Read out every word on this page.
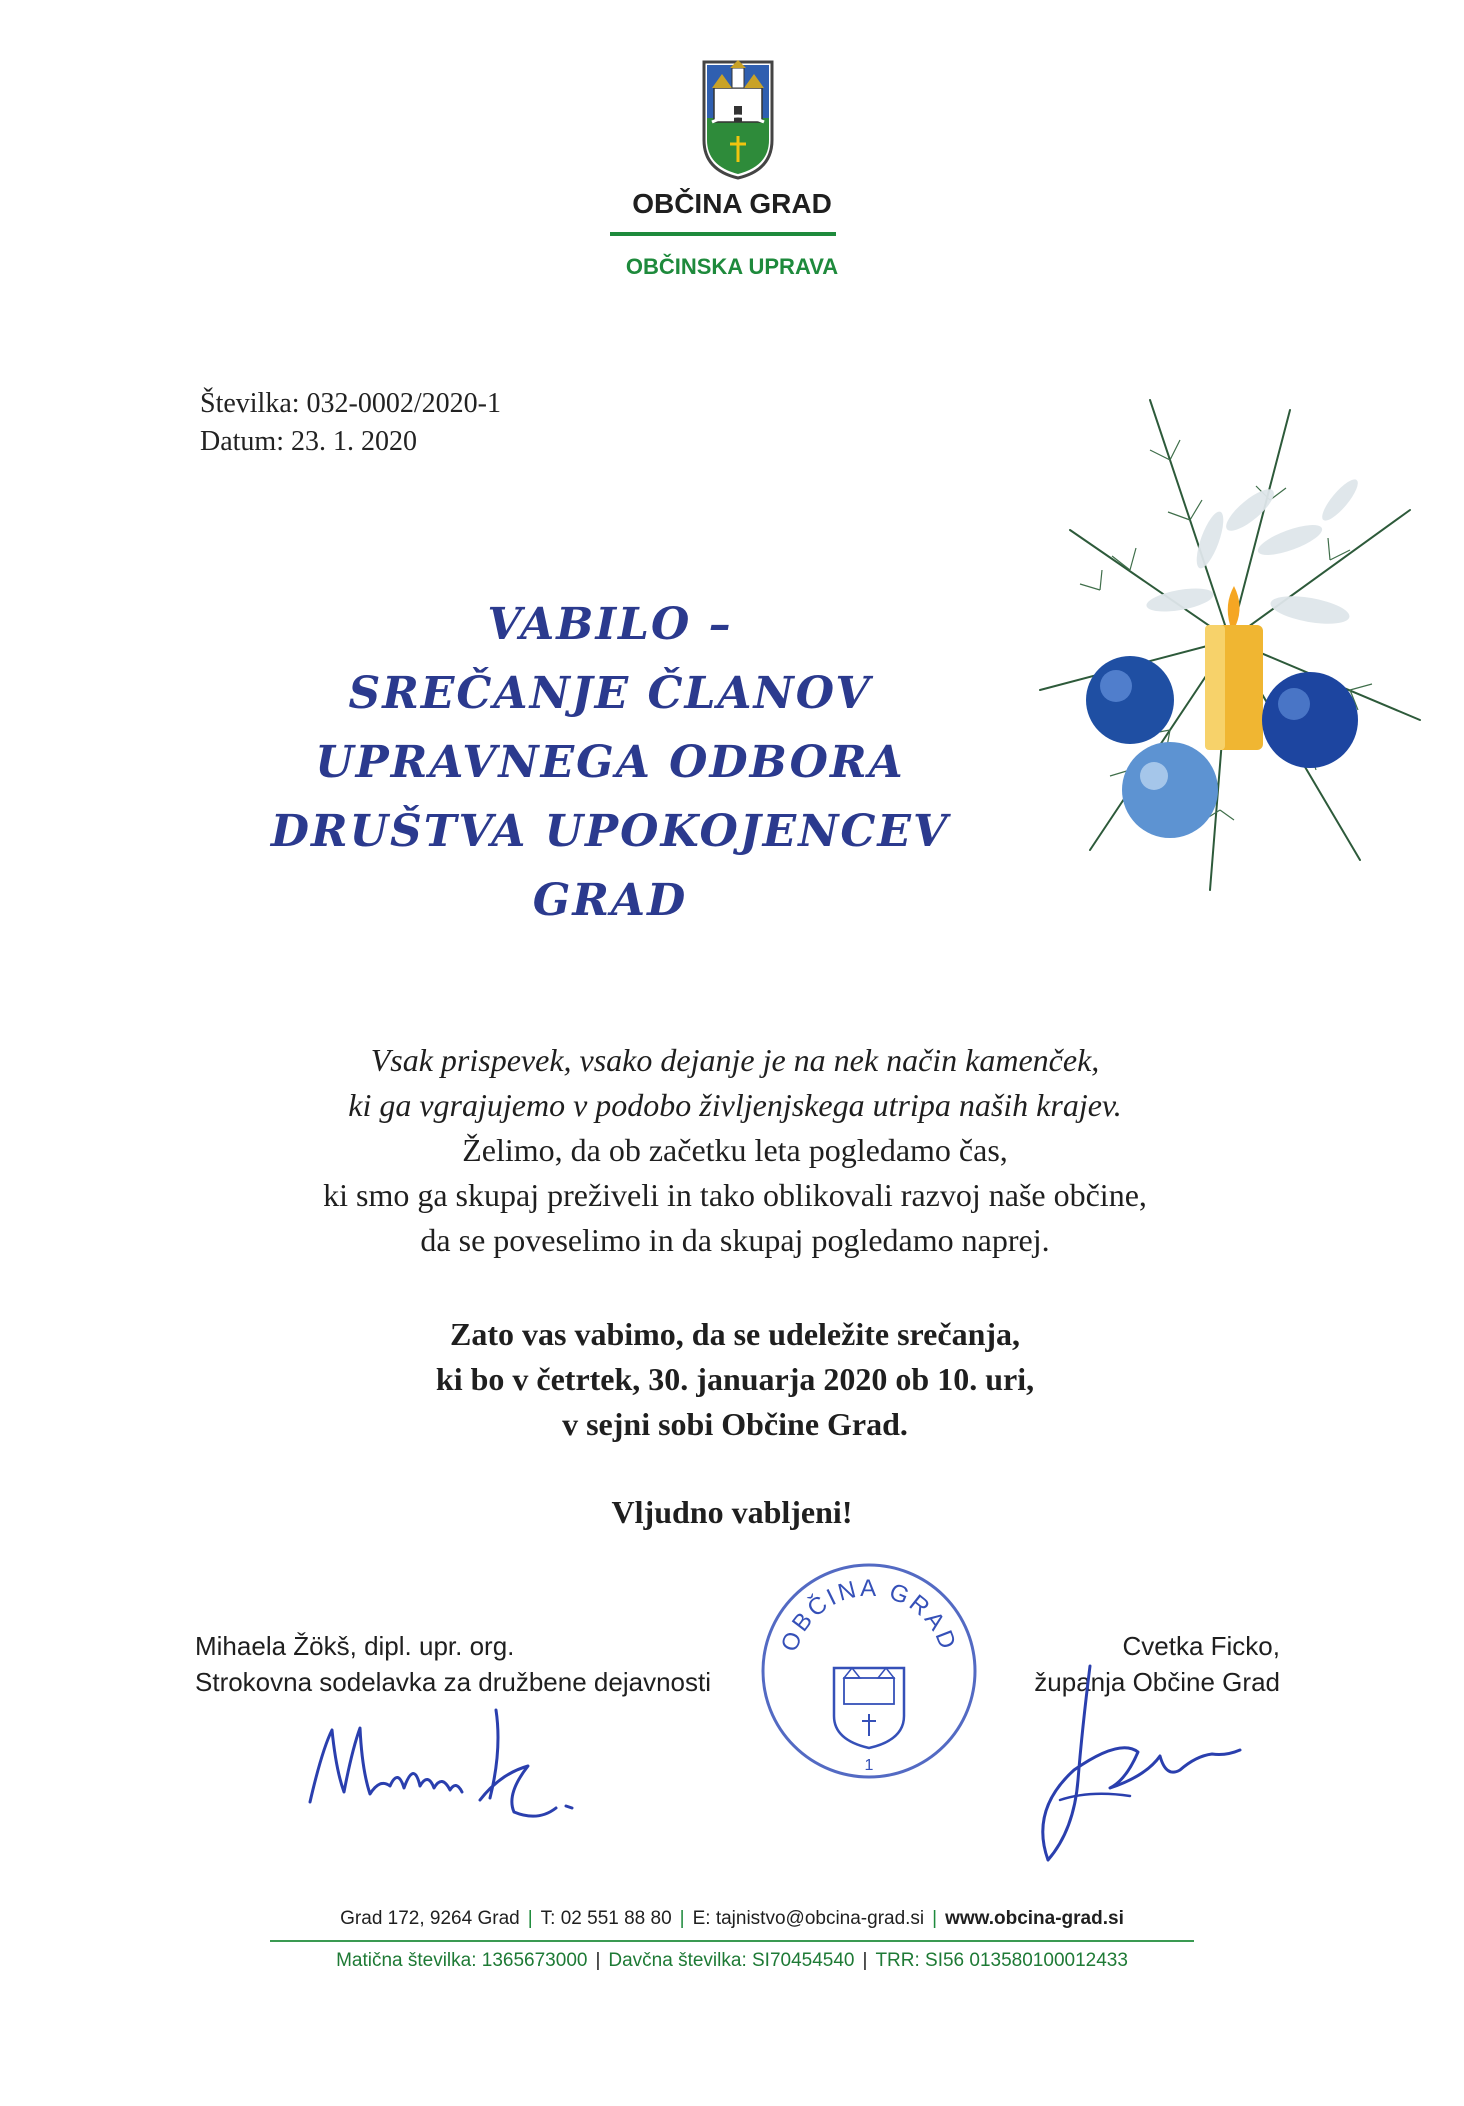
OBČINA GRAD
OBČINSKA UPRAVA
Številka: 032-0002/2020-1
Datum: 23. 1. 2020
VABILO –
SREČANJE ČLANOV
UPRAVNEGA ODBORA
DRUŠTVA UPOKOJENCEV
GRAD
Vsak prispevek, vsako dejanje je na nek način kamenček,
ki ga vgrajujemo v podobo življenjskega utripa naših krajev.
Želimo, da ob začetku leta pogledamo čas,
ki smo ga skupaj preživeli in tako oblikovali razvoj naše občine,
da se poveselimo in da skupaj pogledamo naprej.
Zato vas vabimo, da se udeležite srečanja,
ki bo v četrtek, 30. januarja 2020 ob 10. uri,
v sejni sobi Občine Grad.
Vljudno vabljeni!
Mihaela Žökš, dipl. upr. org.
Strokovna sodelavka za družbene dejavnosti
Cvetka Ficko,
županja Občine Grad
OBČINA GRAD
1
Grad 172, 9264 Grad | T: 02 551 88 80 | E: tajnistvo@obcina-grad.si | www.obcina-grad.si
Matična številka: 1365673000 | Davčna številka: SI70454540 | TRR: SI56 013580100012433
